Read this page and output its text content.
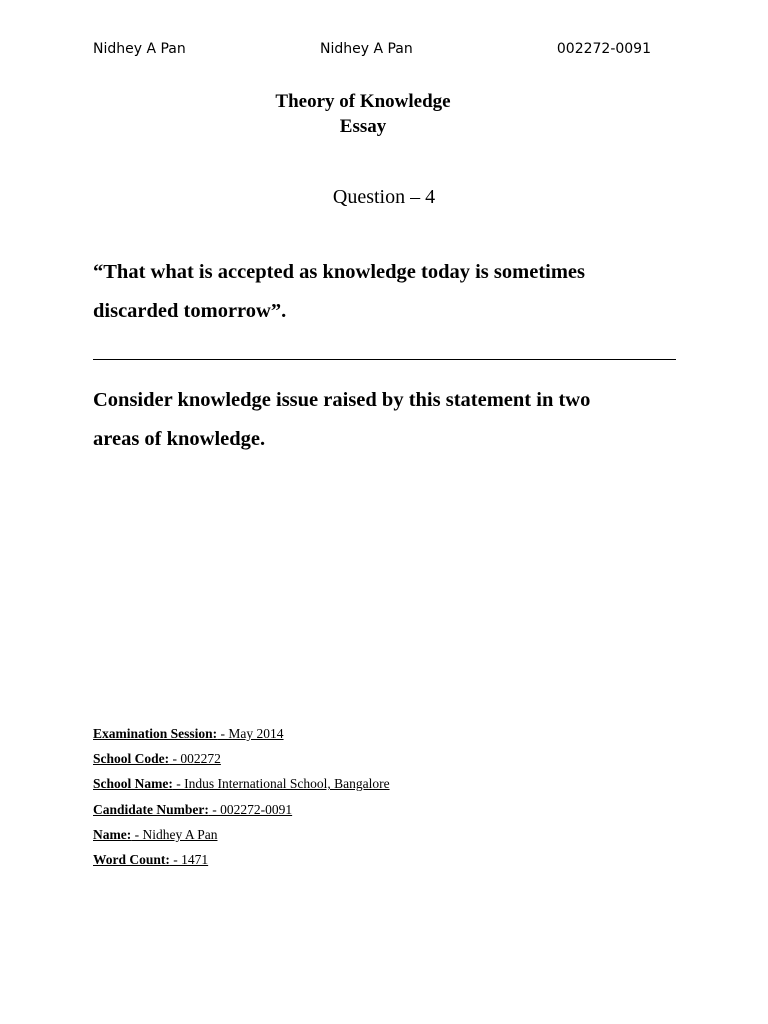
Nidhey A Pan	Nidhey A Pan	002272-0091
Theory of Knowledge
Essay
Question – 4
“That what is accepted as knowledge today is sometimes
discarded tomorrow”.
Consider knowledge issue raised by this statement in two
areas of knowledge.
Examination Session: - May 2014
School Code: - 002272
School Name: - Indus International School, Bangalore
Candidate Number: - 002272-0091
Name: - Nidhey A Pan
Word Count: - 1471
